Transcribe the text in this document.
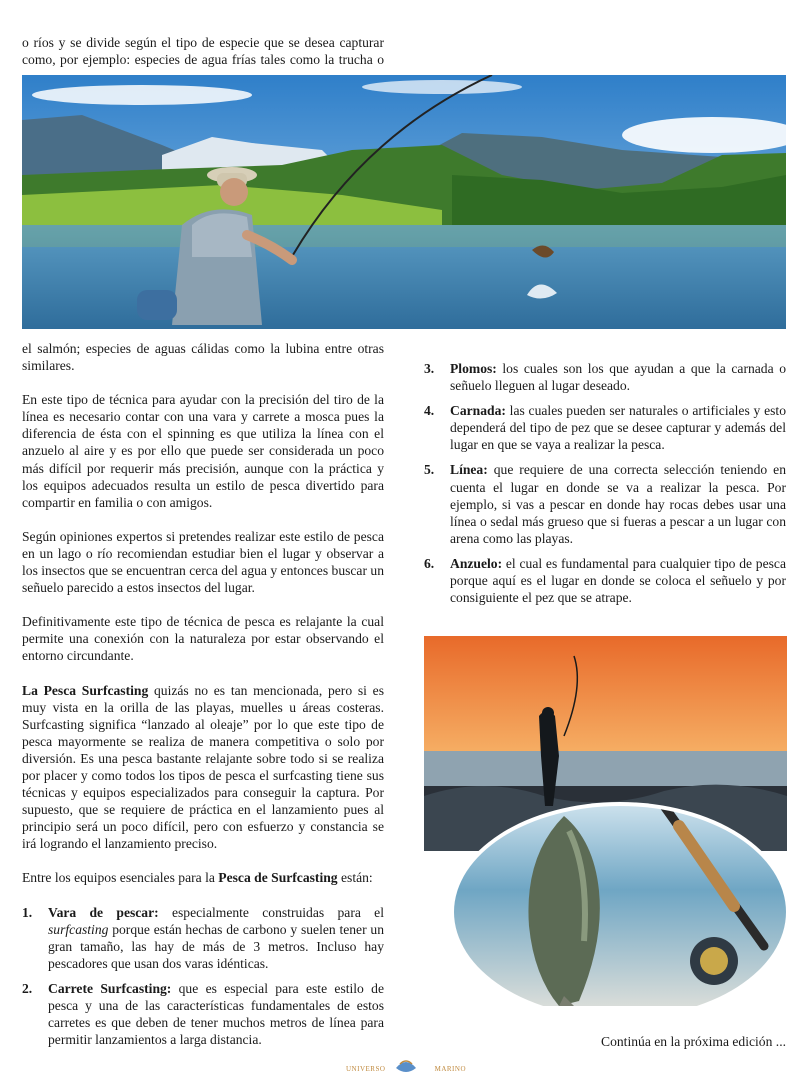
o ríos y se divide según el tipo de especie que se desea capturar
como, por ejemplo: especies de agua frías tales como la trucha o

el salmón; especies de aguas cálidas como la lubina entre otras similares.

En este tipo de técnica para ayudar con la precisión del tiro de la línea es necesario contar con una vara y carrete a mosca pues la diferencia de ésta con el spinning es que utiliza la línea con el anzuelo al aire y es por ello que puede ser considerada un poco más difícil por requerir más precisión, aunque con la práctica y los equipos adecuados resulta un estilo de pesca divertido para compartir en familia o con amigos.

Según opiniones expertos si pretendes realizar este estilo de pesca en un lago o río recomiendan estudiar bien el lugar y observar a los insectos que se encuentran cerca del agua y entonces buscar un señuelo parecido a estos insectos del lugar.

Definitivamente este tipo de técnica de pesca es relajante la cual permite una conexión con la naturaleza por estar observando el entorno circundante.

La Pesca Surfcasting quizás no es tan mencionada, pero si es muy vista en la orilla de las playas, muelles u áreas costeras. Surfcasting significa “lanzado al oleaje” por lo que este tipo de pesca mayormente se realiza de manera competitiva o solo por diversión. Es una pesca bastante relajante sobre todo si se realiza por placer y como todos los tipos de pesca el surfcasting tiene sus técnicas y equipos especializados para conseguir la captura. Por supuesto, que se requiere de práctica en el lanzamiento pues al principio será un poco difícil, pero con esfuerzo y constancia se irá logrando el lanzamiento preciso.

Entre los equipos esenciales para la Pesca de Surfcasting están:

1. Vara de pescar: especialmente construidas para el surfcasting porque están hechas de carbono y suelen tener un gran tamaño, las hay de más de 3 metros. Incluso hay pescadores que usan dos varas idénticas.
2. Carrete Surfcasting: que es especial para este estilo de pesca y una de las características fundamentales de estos carretes es que deben de tener muchos metros de línea para permitir lanzamientos a larga distancia.
3. Plomos: los cuales son los que ayudan a que la carnada o señuelo lleguen al lugar deseado.
4. Carnada: las cuales pueden ser naturales o artificiales y esto dependerá del tipo de pez que se desee capturar y además del lugar en que se vaya a realizar la pesca.
5. Línea: que requiere de una correcta selección teniendo en cuenta el lugar en donde se va a realizar la pesca. Por ejemplo, si vas a pescar en donde hay rocas debes usar una línea o sedal más grueso que si fueras a pescar a un lugar con arena como las playas.
6. Anzuelo: el cual es fundamental para cualquier tipo de pesca porque aquí es el lugar en donde se coloca el señuelo y por consiguiente el pez que se atrape.
Continúa en la próxima edición ...
UNIVERSO	MARINO
